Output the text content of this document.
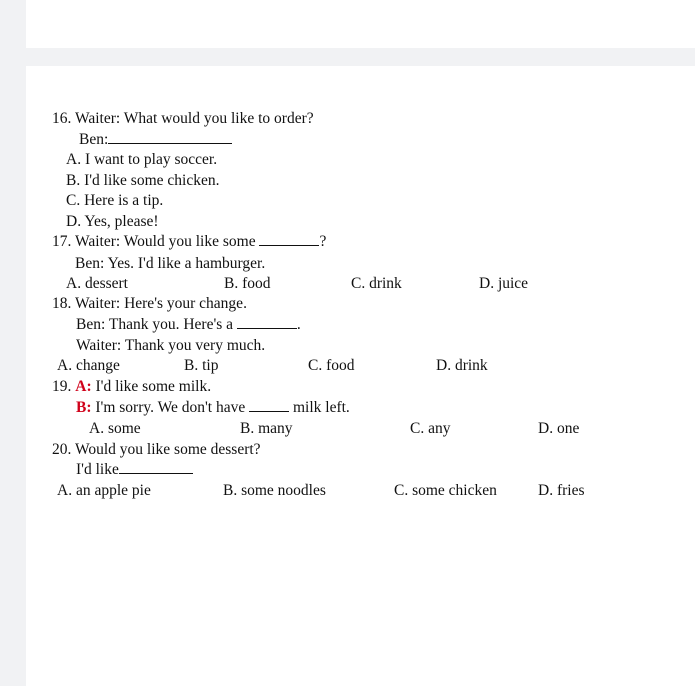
16. Waiter: What would you like to order?
Ben:
A. I want to play soccer.
B. I'd like some chicken.
C. Here is a tip.
D. Yes, please!
17. Waiter: Would you like some	?
Ben: Yes. I'd like a hamburger.
A. dessert	B. food	C. drink	D. juice
18. Waiter: Here's your change.
Ben: Thank you. Here's a	.
Waiter: Thank you very much.
A. change	B. tip	C. food	D. drink
19. A: I'd like some milk.
B: I'm sorry. We don't have	milk left.
A. some	B. many	C. any	D. one
20. Would you like some dessert?
I'd like
A. an apple pie	B. some noodles	C. some chicken	D. fries
